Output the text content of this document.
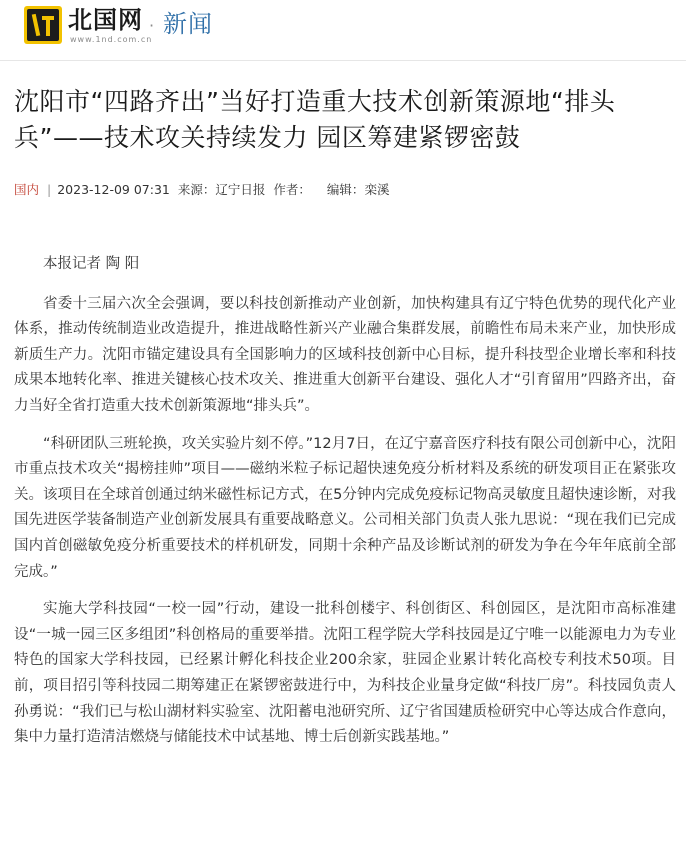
北国网
www.1nd.com.cn
· 新闻
沈阳市“四路齐出”当好打造重大技术创新策源地“排头兵”——技术攻关持续发力 园区筹建紧锣密鼓
国内 | 2023-12-09 07:31 来源：辽宁日报 作者： 编辑：栾溪

本报记者 陶 阳

省委十三届六次全会强调，要以科技创新推动产业创新，加快构建具有辽宁特色优势的现代化产业体系，推动传统制造业改造提升，推进战略性新兴产业融合集群发展，前瞻性布局未来产业，加快形成新质生产力。沈阳市锚定建设具有全国影响力的区域科技创新中心目标，提升科技型企业增长率和科技成果本地转化率、推进关键核心技术攻关、推进重大创新平台建设、强化人才“引育留用”四路齐出，奋力当好全省打造重大技术创新策源地“排头兵”。

“科研团队三班轮换，攻关实验片刻不停。”12月7日，在辽宁嘉音医疗科技有限公司创新中心，沈阳市重点技术攻关“揭榜挂帅”项目——磁纳米粒子标记超快速免疫分析材料及系统的研发项目正在紧张攻关。该项目在全球首创通过纳米磁性标记方式，在5分钟内完成免疫标记物高灵敏度且超快速诊断，对我国先进医学装备制造产业创新发展具有重要战略意义。公司相关部门负责人张九思说：“现在我们已完成国内首创磁敏免疫分析重要技术的样机研发，同期十余种产品及诊断试剂的研发为争在今年年底前全部完成。”

实施大学科技园“一校一园”行动，建设一批科创楼宇、科创街区、科创园区，是沈阳市高标准建设“一城一园三区多组团”科创格局的重要举措。沈阳工程学院大学科技园是辽宁唯一以能源电力为专业特色的国家大学科技园，已经累计孵化科技企业200余家，驻园企业累计转化高校专利技术50项。目前，项目招引等科技园二期筹建正在紧锣密鼓进行中，为科技企业量身定做“科技厂房”。科技园负责人孙勇说：“我们已与松山湖材料实验室、沈阳蓄电池研究所、辽宁省国建质检研究中心等达成合作意向，集中力量打造清洁燃烧与储能技术中试基地、博士后创新实践基地。”
